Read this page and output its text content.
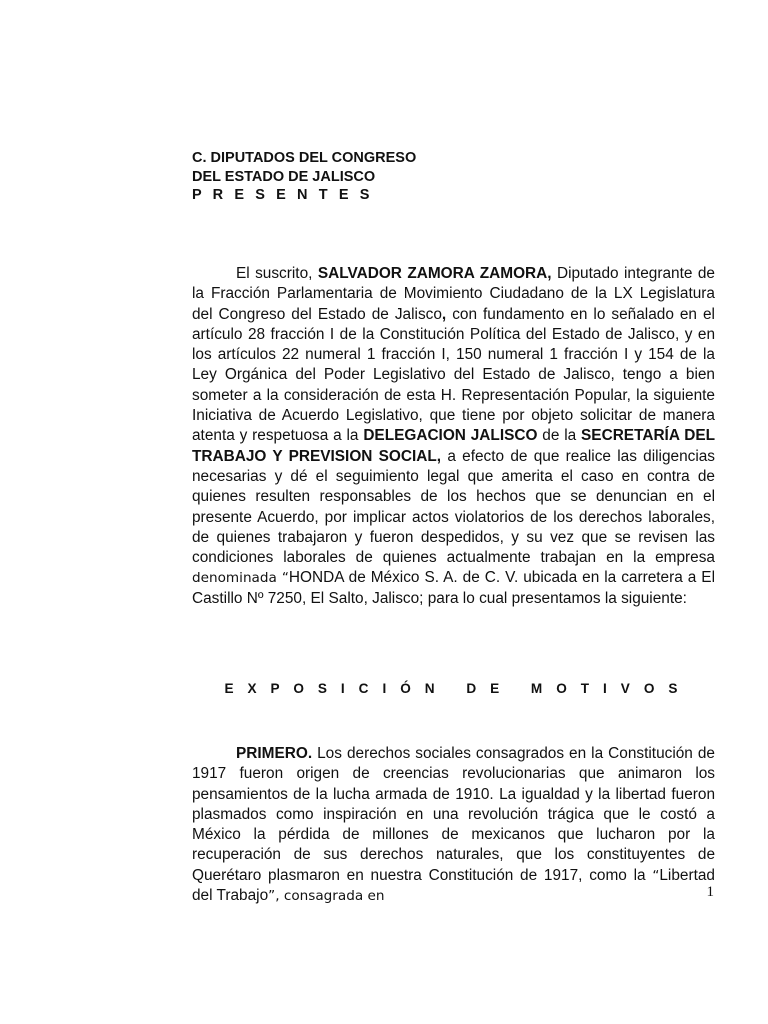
C. DIPUTADOS DEL CONGRESO
DEL ESTADO DE JALISCO
P R E S E N T E S
El suscrito, SALVADOR ZAMORA ZAMORA, Diputado integrante de la Fracción Parlamentaria de Movimiento Ciudadano de la LX Legislatura del Congreso del Estado de Jalisco, con fundamento en lo señalado en el artículo 28 fracción I de la Constitución Política del Estado de Jalisco, y en los artículos 22 numeral 1 fracción I, 150 numeral 1 fracción I y 154 de la Ley Orgánica del Poder Legislativo del Estado de Jalisco, tengo a bien someter a la consideración de esta H. Representación Popular, la siguiente Iniciativa de Acuerdo Legislativo, que tiene por objeto solicitar de manera atenta y respetuosa a la DELEGACION JALISCO de la SECRETARÍA DEL TRABAJO Y PREVISION SOCIAL, a efecto de que realice las diligencias necesarias y dé el seguimiento legal que amerita el caso en contra de quienes resulten responsables de los hechos que se denuncian en el presente Acuerdo, por implicar actos violatorios de los derechos laborales, de quienes trabajaron y fueron despedidos, y su vez que se revisen las condiciones laborales de quienes actualmente trabajan en la empresa denominada “HONDA de México S. A. de C. V. ubicada en la carretera a El Castillo Nº 7250, El Salto, Jalisco; para lo cual presentamos la siguiente:
E X P O S I C I Ó N   D E   M O T I V O S
PRIMERO. Los derechos sociales consagrados en la Constitución de 1917 fueron origen de creencias revolucionarias que animaron los pensamientos de la lucha armada de 1910. La igualdad y la libertad fueron plasmados como inspiración en una revolución trágica que le costó a México la pérdida de millones de mexicanos que lucharon por la recuperación de sus derechos naturales, que los constituyentes de Querétaro plasmaron en nuestra Constitución de 1917, como la “Libertad del Trabajo”, consagrada en	1
